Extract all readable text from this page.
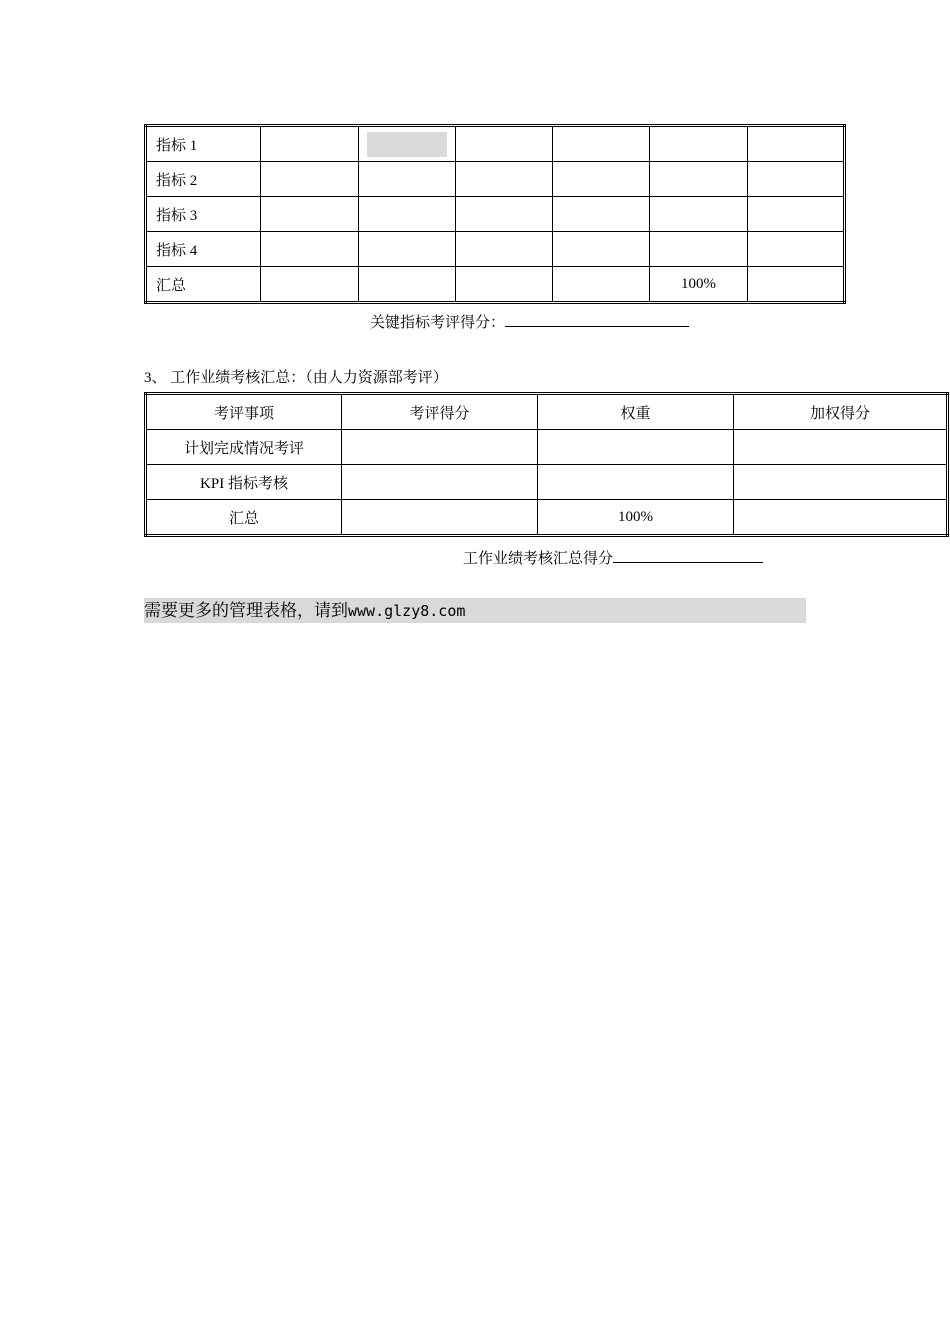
指标 1		

指标 2						
指标 3						
指标 4						
汇总					100%	
关键指标考评得分：
3、 工作业绩考核汇总：（由人力资源部考评）
考评事项	考评得分	权重	加权得分
计划完成情况考评			
KPI 指标考核			
汇总		100%	
工作业绩考核汇总得分
需要更多的管理表格，请到www.glzy8.com
